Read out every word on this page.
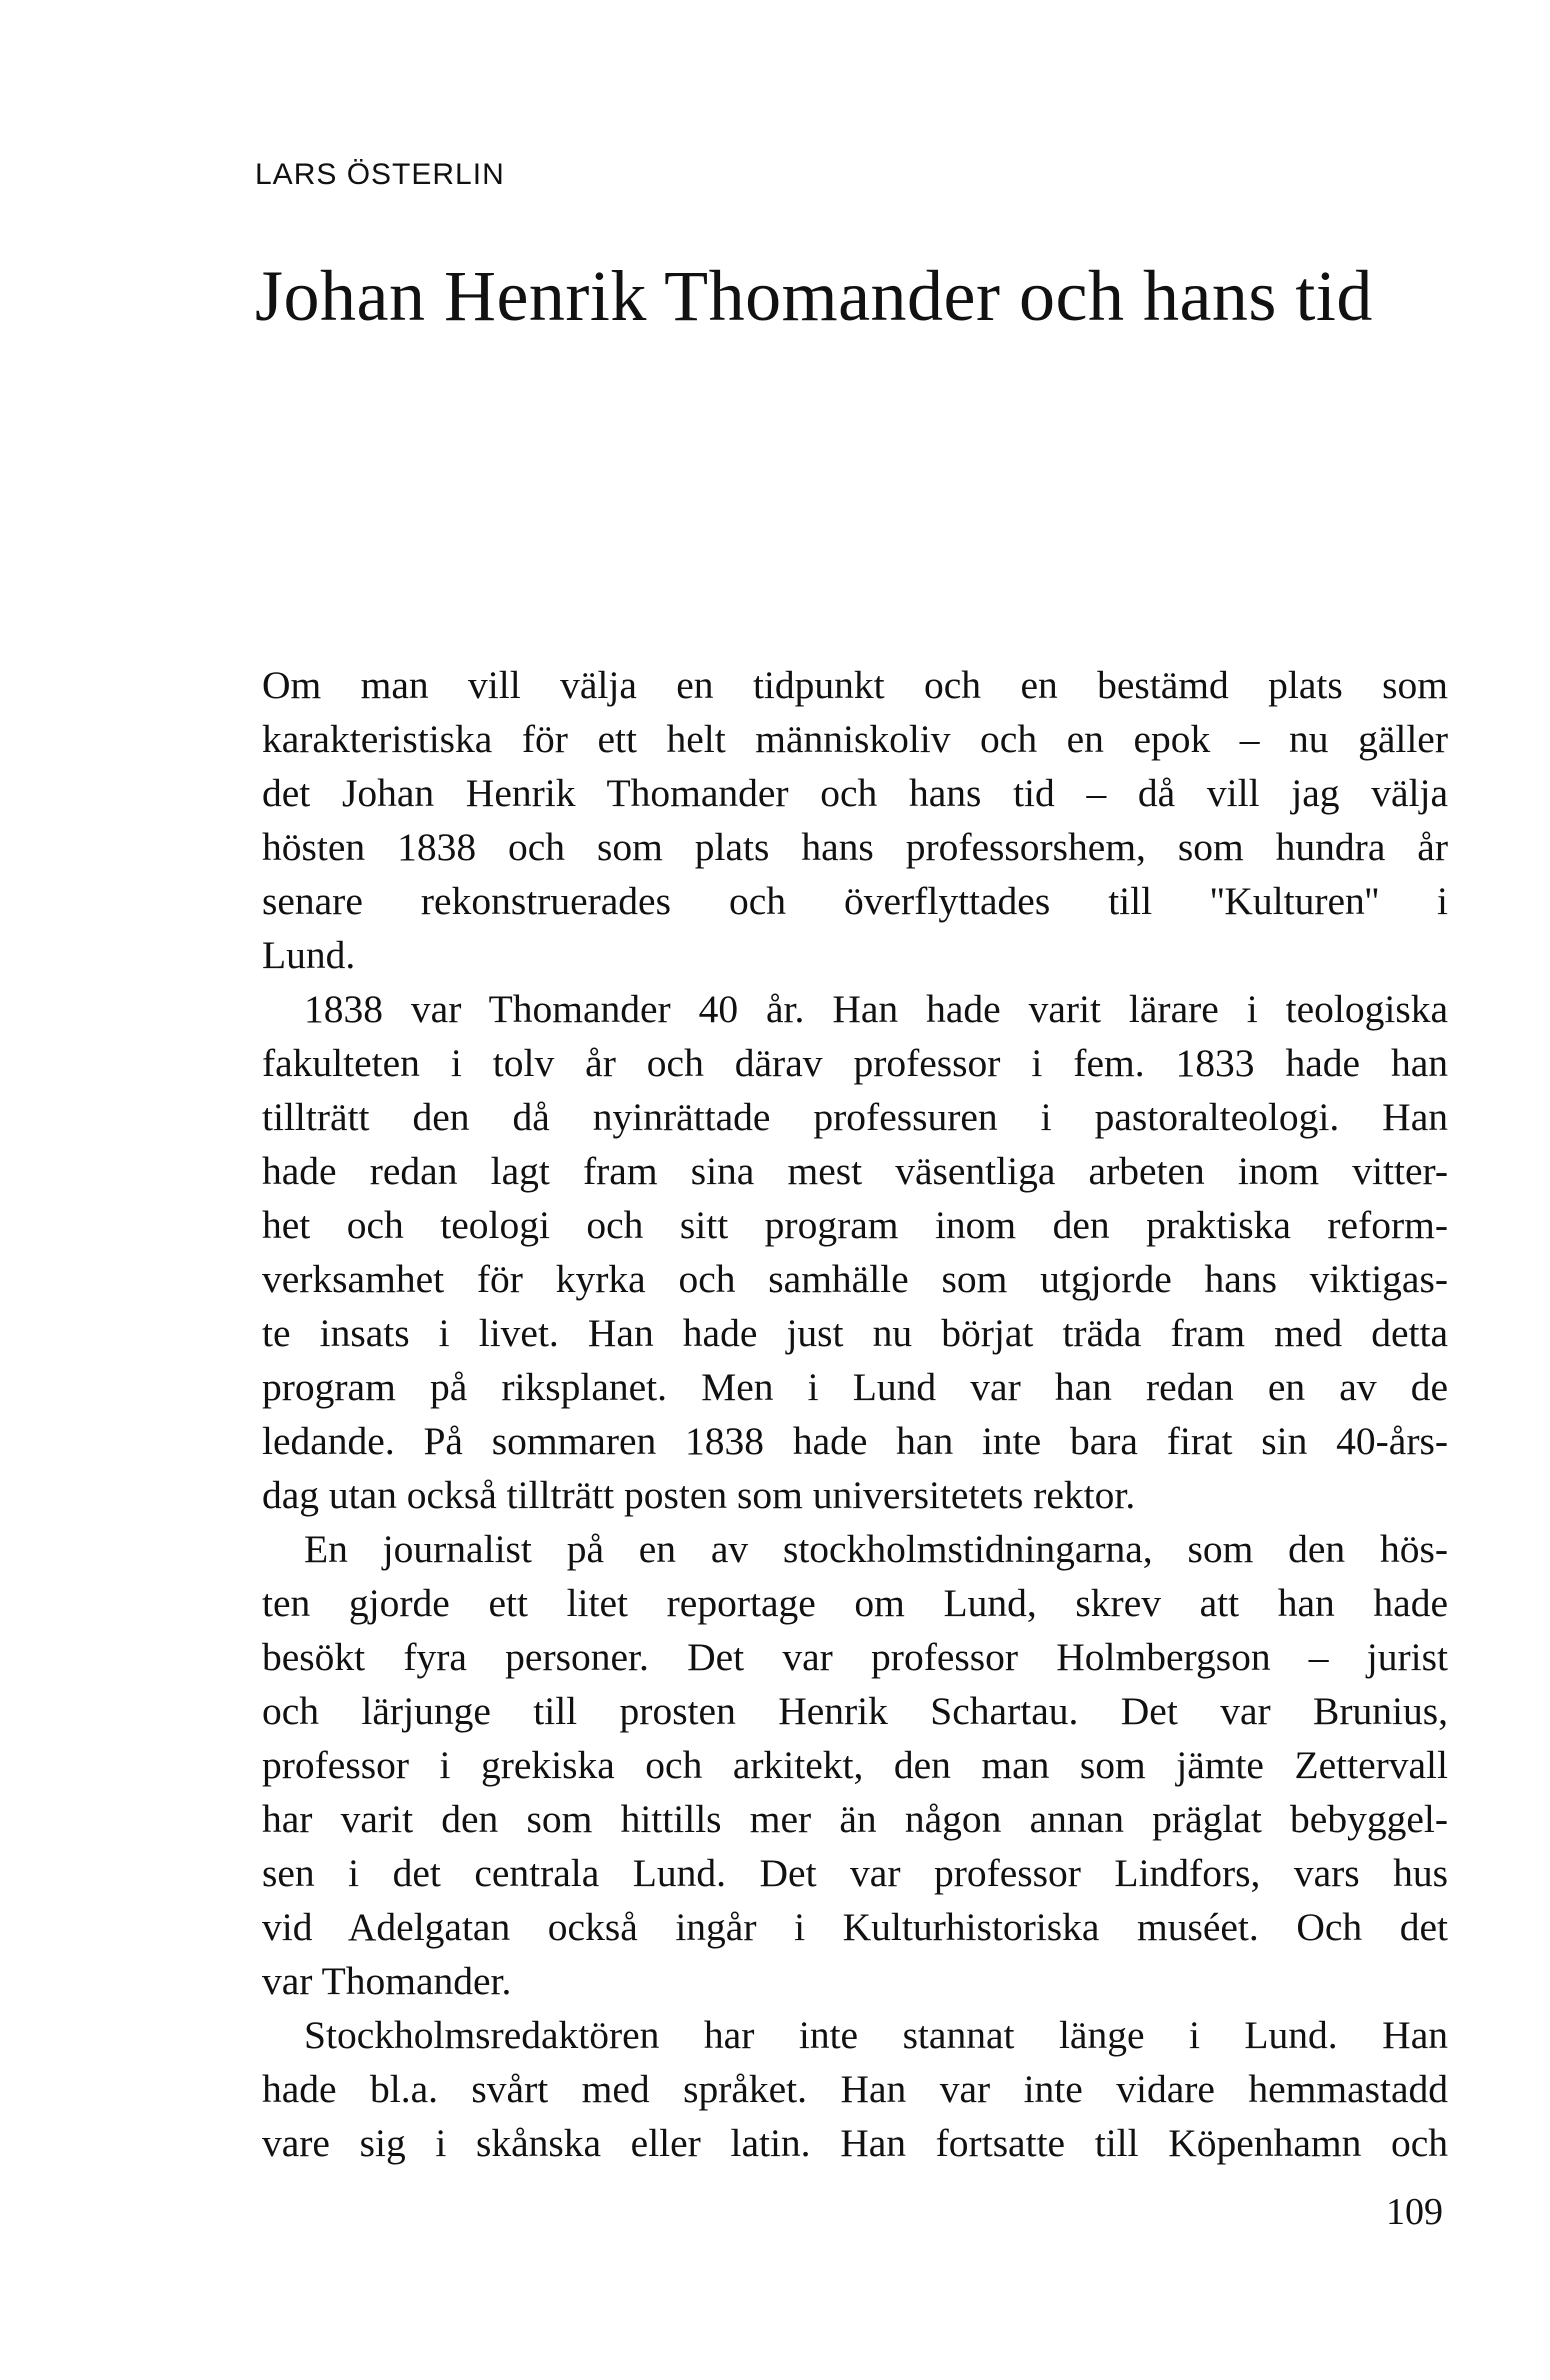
LARS ÖSTERLIN
Johan Henrik Thomander och hans tid
Om man vill välja en tidpunkt och en bestämd plats som
karakteristiska för ett helt människoliv och en epok – nu gäller
det Johan Henrik Thomander och hans tid – då vill jag välja
hösten 1838 och som plats hans professorshem, som hundra år
senare rekonstruerades och överflyttades till ''Kulturen'' i
Lund.
1838 var Thomander 40 år. Han hade varit lärare i teologiska
fakulteten i tolv år och därav professor i fem. 1833 hade han
tillträtt den då nyinrättade professuren i pastoralteologi. Han
hade redan lagt fram sina mest väsentliga arbeten inom vitter-
het och teologi och sitt program inom den praktiska reform-
verksamhet för kyrka och samhälle som utgjorde hans viktigas-
te insats i livet. Han hade just nu börjat träda fram med detta
program på riksplanet. Men i Lund var han redan en av de
ledande. På sommaren 1838 hade han inte bara firat sin 40-års-
dag utan också tillträtt posten som universitetets rektor.
En journalist på en av stockholmstidningarna, som den hös-
ten gjorde ett litet reportage om Lund, skrev att han hade
besökt fyra personer. Det var professor Holmbergson – jurist
och lärjunge till prosten Henrik Schartau. Det var Brunius,
professor i grekiska och arkitekt, den man som jämte Zettervall
har varit den som hittills mer än någon annan präglat bebyggel-
sen i det centrala Lund. Det var professor Lindfors, vars hus
vid Adelgatan också ingår i Kulturhistoriska muséet. Och det
var Thomander.
Stockholmsredaktören har inte stannat länge i Lund. Han
hade bl.a. svårt med språket. Han var inte vidare hemmastadd
vare sig i skånska eller latin. Han fortsatte till Köpenhamn och
109
